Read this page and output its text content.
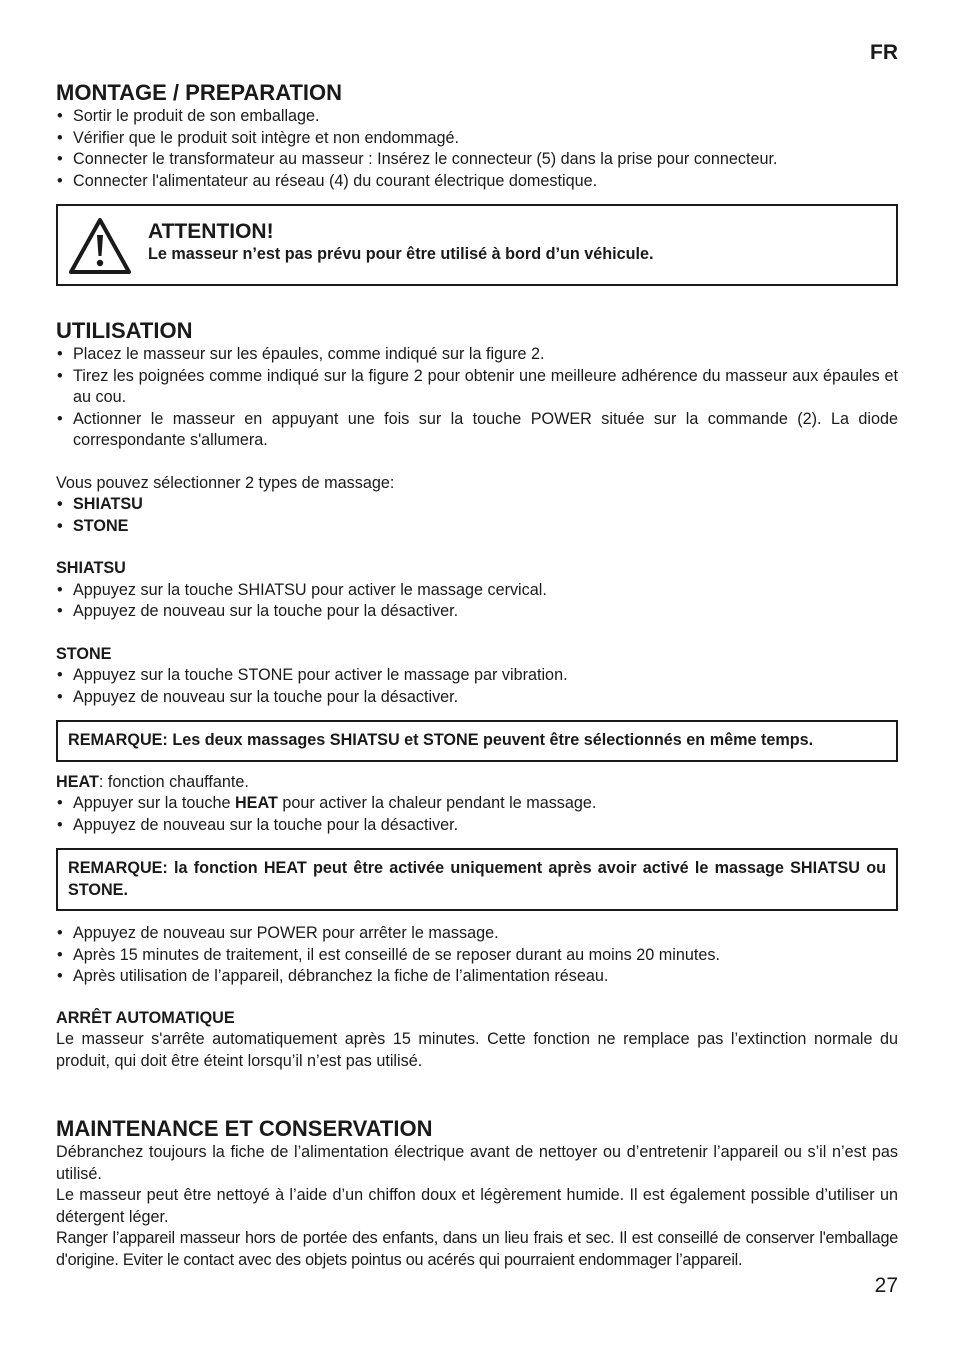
FR
MONTAGE / PREPARATION
• Sortir le produit de son emballage.
• Vérifier que le produit soit intègre et non endommagé.
• Connecter le transformateur au masseur : Insérez le connecteur (5) dans la prise pour connecteur.
• Connecter l'alimentateur au réseau (4) du courant électrique domestique.
ATTENTION!
Le masseur n’est pas prévu pour être utilisé à bord d’un véhicule.
UTILISATION
• Placez le masseur sur les épaules, comme indiqué sur la figure 2.
• Tirez les poignées comme indiqué sur la figure 2 pour obtenir une meilleure adhérence du masseur aux épaules et au cou.
• Actionner le masseur en appuyant une fois sur la touche POWER située sur la commande (2). La diode correspondante s'allumera.

Vous pouvez sélectionner 2 types de massage:

• SHIATSU
• STONE

SHIATSU

• Appuyez sur la touche SHIATSU pour activer le massage cervical.
• Appuyez de nouveau sur la touche pour la désactiver.

STONE

• Appuyez sur la touche STONE pour activer le massage par vibration.
• Appuyez de nouveau sur la touche pour la désactiver.
REMARQUE: Les deux massages SHIATSU et STONE peuvent être sélectionnés en même temps.

HEAT: fonction chauffante.

• Appuyer sur la touche HEAT pour activer la chaleur pendant le massage.
• Appuyez de nouveau sur la touche pour la désactiver.
REMARQUE: la fonction HEAT peut être activée uniquement après avoir activé le massage SHIATSU ou STONE.
• Appuyez de nouveau sur POWER pour arrêter le massage.
• Après 15 minutes de traitement, il est conseillé de se reposer durant au moins 20 minutes.
• Après utilisation de l’appareil, débranchez la fiche de l’alimentation réseau.

ARRÊT AUTOMATIQUE

Le masseur s'arrête automatiquement après 15 minutes. Cette fonction ne remplace pas l’extinction normale du produit, qui doit être éteint lorsqu’il n’est pas utilisé.

MAINTENANCE ET CONSERVATION

Débranchez toujours la fiche de l’alimentation électrique avant de nettoyer ou d’entretenir l’appareil ou s’il n’est pas utilisé.

Le masseur peut être nettoyé à l’aide d’un chiffon doux et légèrement humide. Il est également possible d’utiliser un détergent léger.

Ranger l’appareil masseur hors de portée des enfants, dans un lieu frais et sec. Il est conseillé de conserver l'emballage d'origine. Eviter le contact avec des objets pointus ou acérés qui pourraient endommager l’appareil.

27
